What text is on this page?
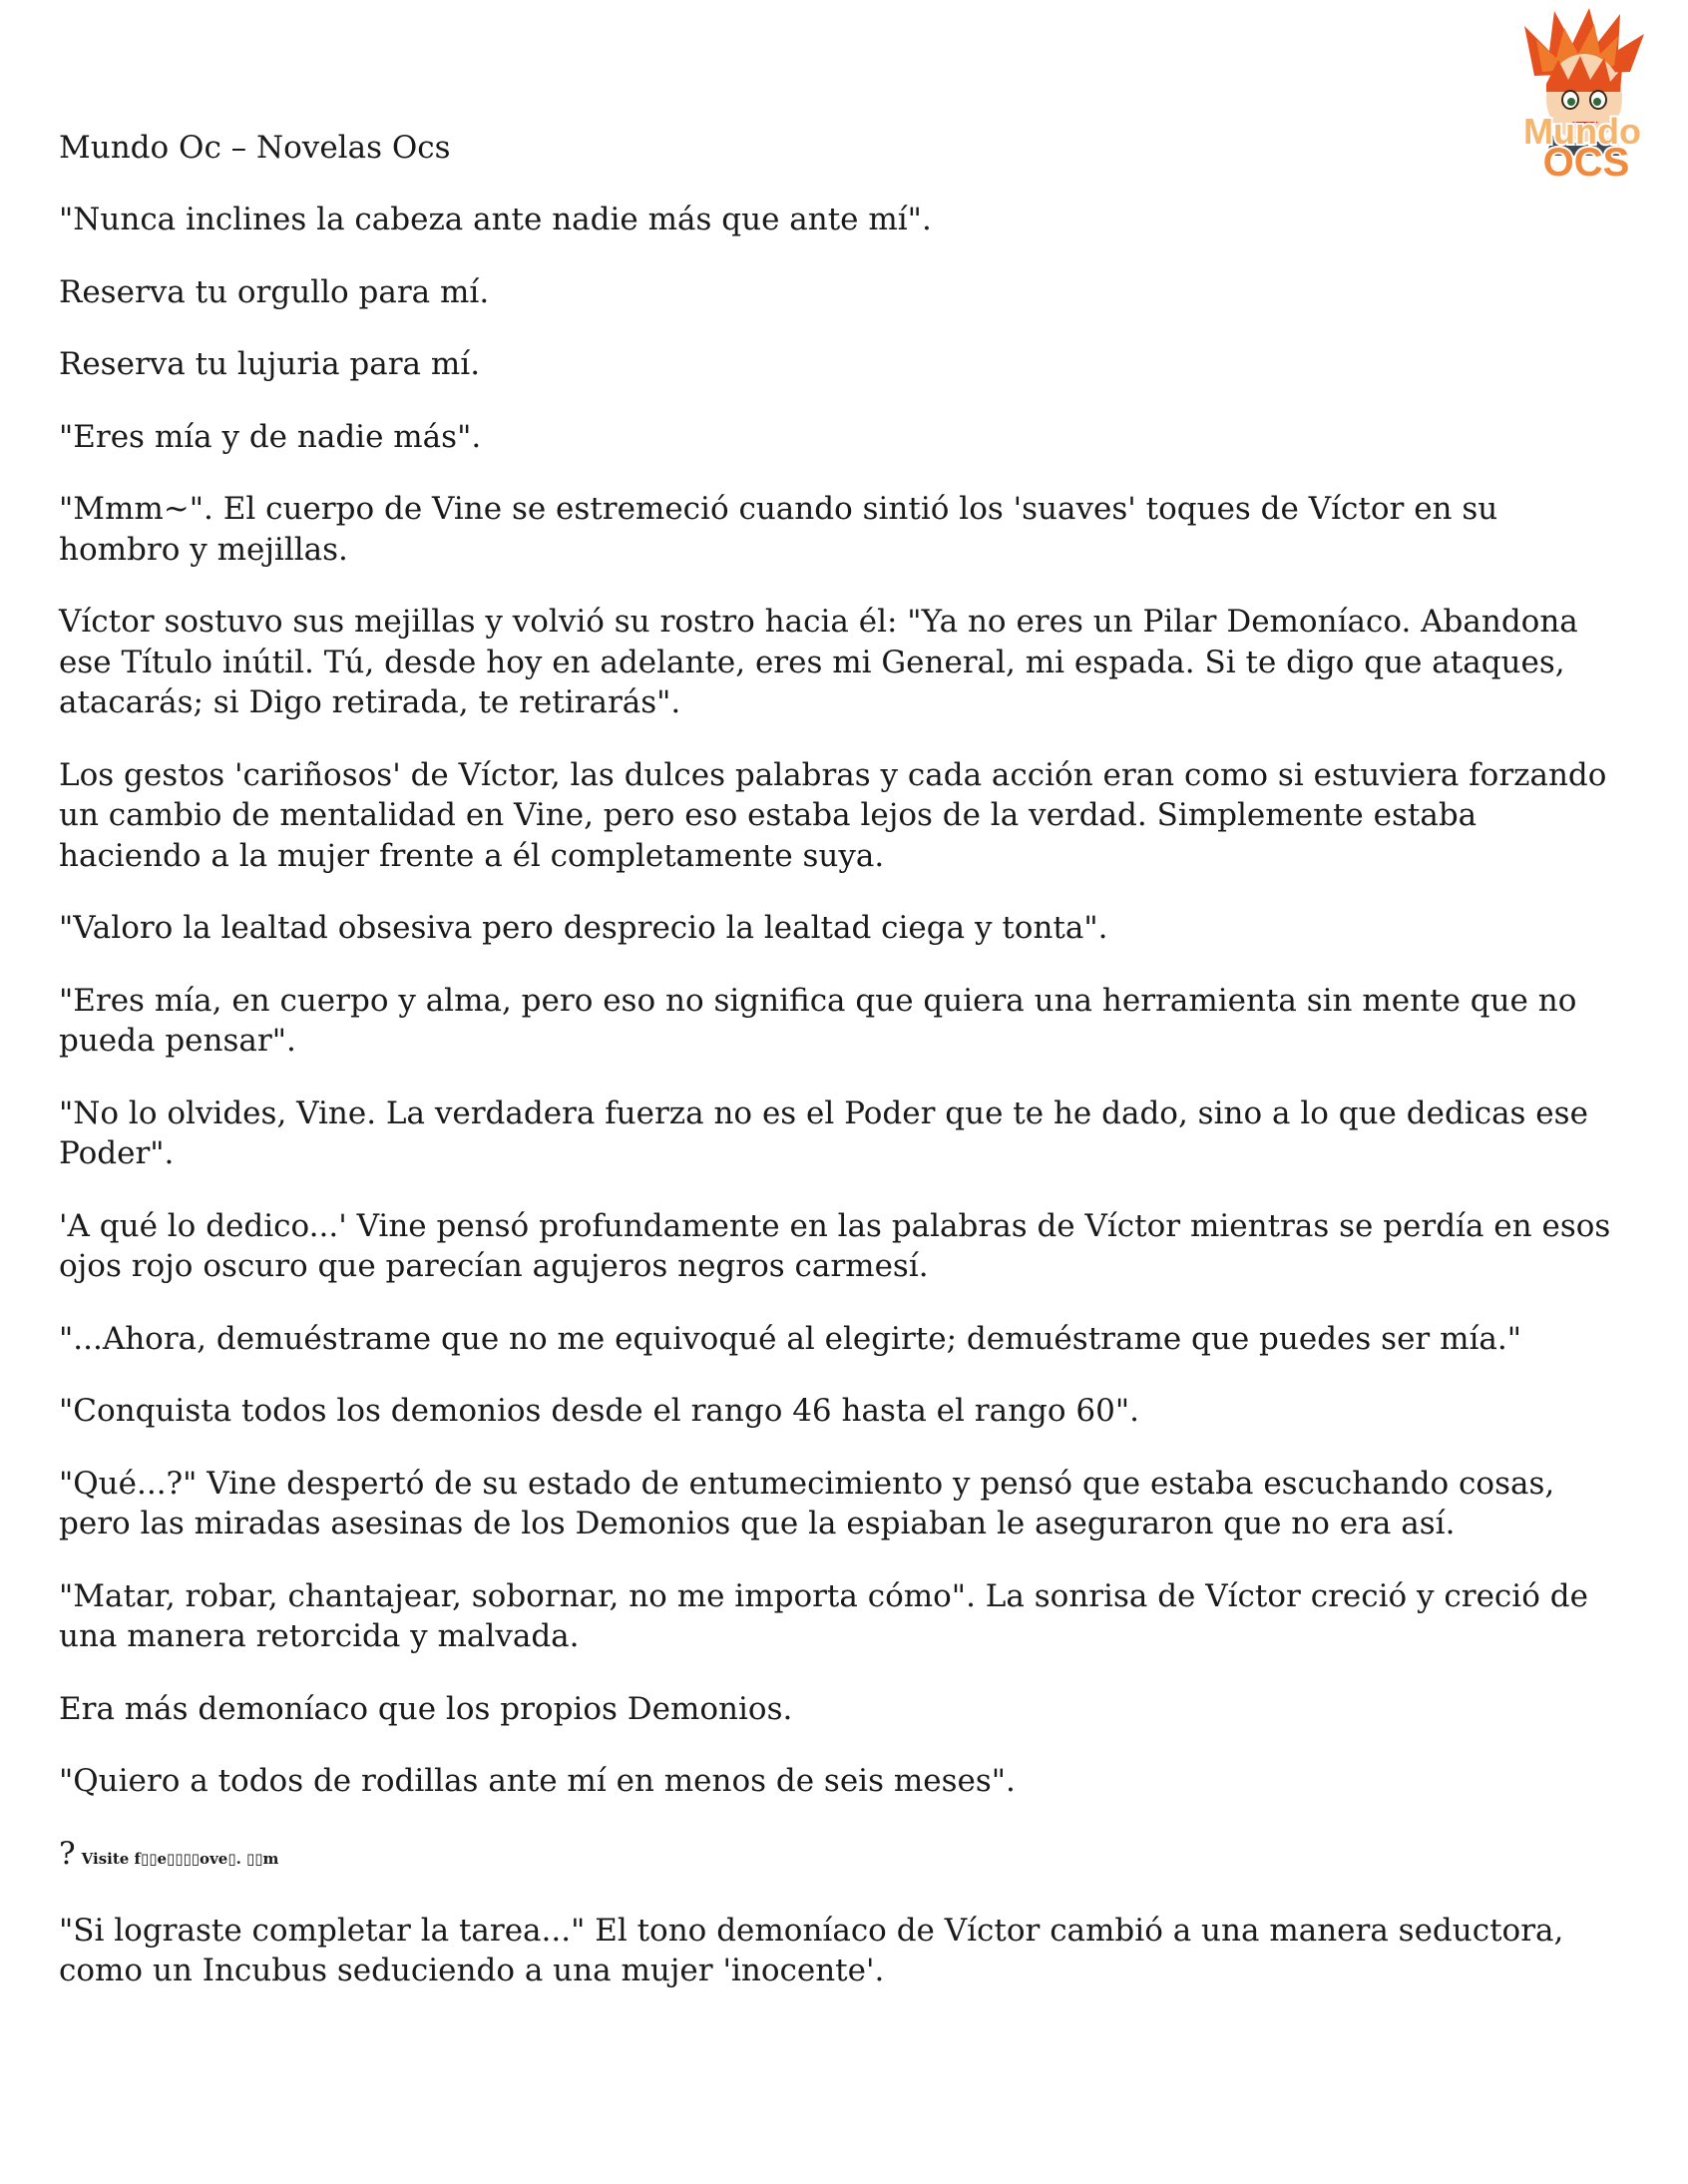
Mundo
OCS
Mundo Oc – Novelas Ocs
"Nunca inclines la cabeza ante nadie más que ante mí".
Reserva tu orgullo para mí.
Reserva tu lujuria para mí.
"Eres mía y de nadie más".
"Mmm~". El cuerpo de Vine se estremeció cuando sintió los 'suaves' toques de Víctor en su hombro y mejillas.
Víctor sostuvo sus mejillas y volvió su rostro hacia él: "Ya no eres un Pilar Demoníaco. Abandona ese Título inútil. Tú, desde hoy en adelante, eres mi General, mi espada. Si te digo que ataques, atacarás; si Digo retirada, te retirarás".
Los gestos 'cariñosos' de Víctor, las dulces palabras y cada acción eran como si estuviera forzando un cambio de mentalidad en Vine, pero eso estaba lejos de la verdad. Simplemente estaba haciendo a la mujer frente a él completamente suya.
"Valoro la lealtad obsesiva pero desprecio la lealtad ciega y tonta".
"Eres mía, en cuerpo y alma, pero eso no significa que quiera una herramienta sin mente que no pueda pensar".
"No lo olvides, Vine. La verdadera fuerza no es el Poder que te he dado, sino a lo que dedicas ese Poder".
'A qué lo dedico...' Vine pensó profundamente en las palabras de Víctor mientras se perdía en esos ojos rojo oscuro que parecían agujeros negros carmesí.
"...Ahora, demuéstrame que no me equivoqué al elegirte; demuéstrame que puedes ser mía."
"Conquista todos los demonios desde el rango 46 hasta el rango 60".
"Qué...?" Vine despertó de su estado de entumecimiento y pensó que estaba escuchando cosas, pero las miradas asesinas de los Demonios que la espiaban le aseguraron que no era así.
"Matar, robar, chantajear, sobornar, no me importa cómo". La sonrisa de Víctor creció y creció de una manera retorcida y malvada.
Era más demoníaco que los propios Demonios.
"Quiero a todos de rodillas ante mí en menos de seis meses".
? Visite f▯▯e▯▯▯▯ove▯. ▯▯m
"Si lograste completar la tarea..." El tono demoníaco de Víctor cambió a una manera seductora, como un Incubus seduciendo a una mujer 'inocente'.
